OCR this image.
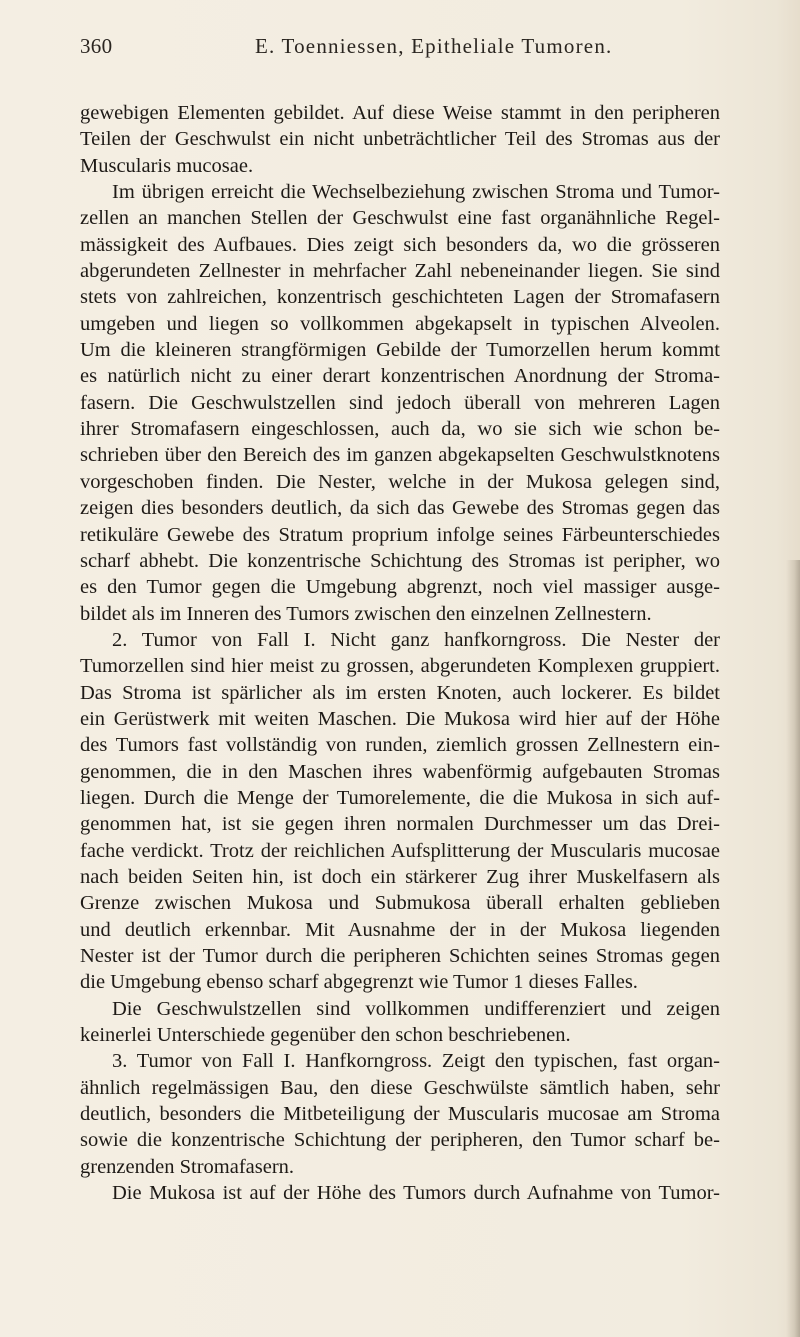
360	E. Toenniessen, Epitheliale Tumoren.
gewebigen Elementen gebildet. Auf diese Weise stammt in den peripheren
Teilen der Geschwulst ein nicht unbeträchtlicher Teil des Stromas aus der
Muscularis mucosae.
Im übrigen erreicht die Wechselbeziehung zwischen Stroma und Tumor-
zellen an manchen Stellen der Geschwulst eine fast organähnliche Regel-
mässigkeit des Aufbaues. Dies zeigt sich besonders da, wo die grösseren
abgerundeten Zellnester in mehrfacher Zahl nebeneinander liegen. Sie sind
stets von zahlreichen, konzentrisch geschichteten Lagen der Stromafasern
umgeben und liegen so vollkommen abgekapselt in typischen Alveolen.
Um die kleineren strangförmigen Gebilde der Tumorzellen herum kommt
es natürlich nicht zu einer derart konzentrischen Anordnung der Stroma-
fasern. Die Geschwulstzellen sind jedoch überall von mehreren Lagen
ihrer Stromafasern eingeschlossen, auch da, wo sie sich wie schon be-
schrieben über den Bereich des im ganzen abgekapselten Geschwulstknotens
vorgeschoben finden. Die Nester, welche in der Mukosa gelegen sind,
zeigen dies besonders deutlich, da sich das Gewebe des Stromas gegen das
retikuläre Gewebe des Stratum proprium infolge seines Färbeunterschiedes
scharf abhebt. Die konzentrische Schichtung des Stromas ist peripher, wo
es den Tumor gegen die Umgebung abgrenzt, noch viel massiger ausge-
bildet als im Inneren des Tumors zwischen den einzelnen Zellnestern.
2. Tumor von Fall I. Nicht ganz hanfkorngross. Die Nester der
Tumorzellen sind hier meist zu grossen, abgerundeten Komplexen gruppiert.
Das Stroma ist spärlicher als im ersten Knoten, auch lockerer. Es bildet
ein Gerüstwerk mit weiten Maschen. Die Mukosa wird hier auf der Höhe
des Tumors fast vollständig von runden, ziemlich grossen Zellnestern ein-
genommen, die in den Maschen ihres wabenförmig aufgebauten Stromas
liegen. Durch die Menge der Tumorelemente, die die Mukosa in sich auf-
genommen hat, ist sie gegen ihren normalen Durchmesser um das Drei-
fache verdickt. Trotz der reichlichen Aufsplitterung der Muscularis mucosae
nach beiden Seiten hin, ist doch ein stärkerer Zug ihrer Muskelfasern als
Grenze zwischen Mukosa und Submukosa überall erhalten geblieben
und deutlich erkennbar. Mit Ausnahme der in der Mukosa liegenden
Nester ist der Tumor durch die peripheren Schichten seines Stromas gegen
die Umgebung ebenso scharf abgegrenzt wie Tumor 1 dieses Falles.
Die Geschwulstzellen sind vollkommen undifferenziert und zeigen
keinerlei Unterschiede gegenüber den schon beschriebenen.
3. Tumor von Fall I. Hanfkorngross. Zeigt den typischen, fast organ-
ähnlich regelmässigen Bau, den diese Geschwülste sämtlich haben, sehr
deutlich, besonders die Mitbeteiligung der Muscularis mucosae am Stroma
sowie die konzentrische Schichtung der peripheren, den Tumor scharf be-
grenzenden Stromafasern.
Die Mukosa ist auf der Höhe des Tumors durch Aufnahme von Tumor-
